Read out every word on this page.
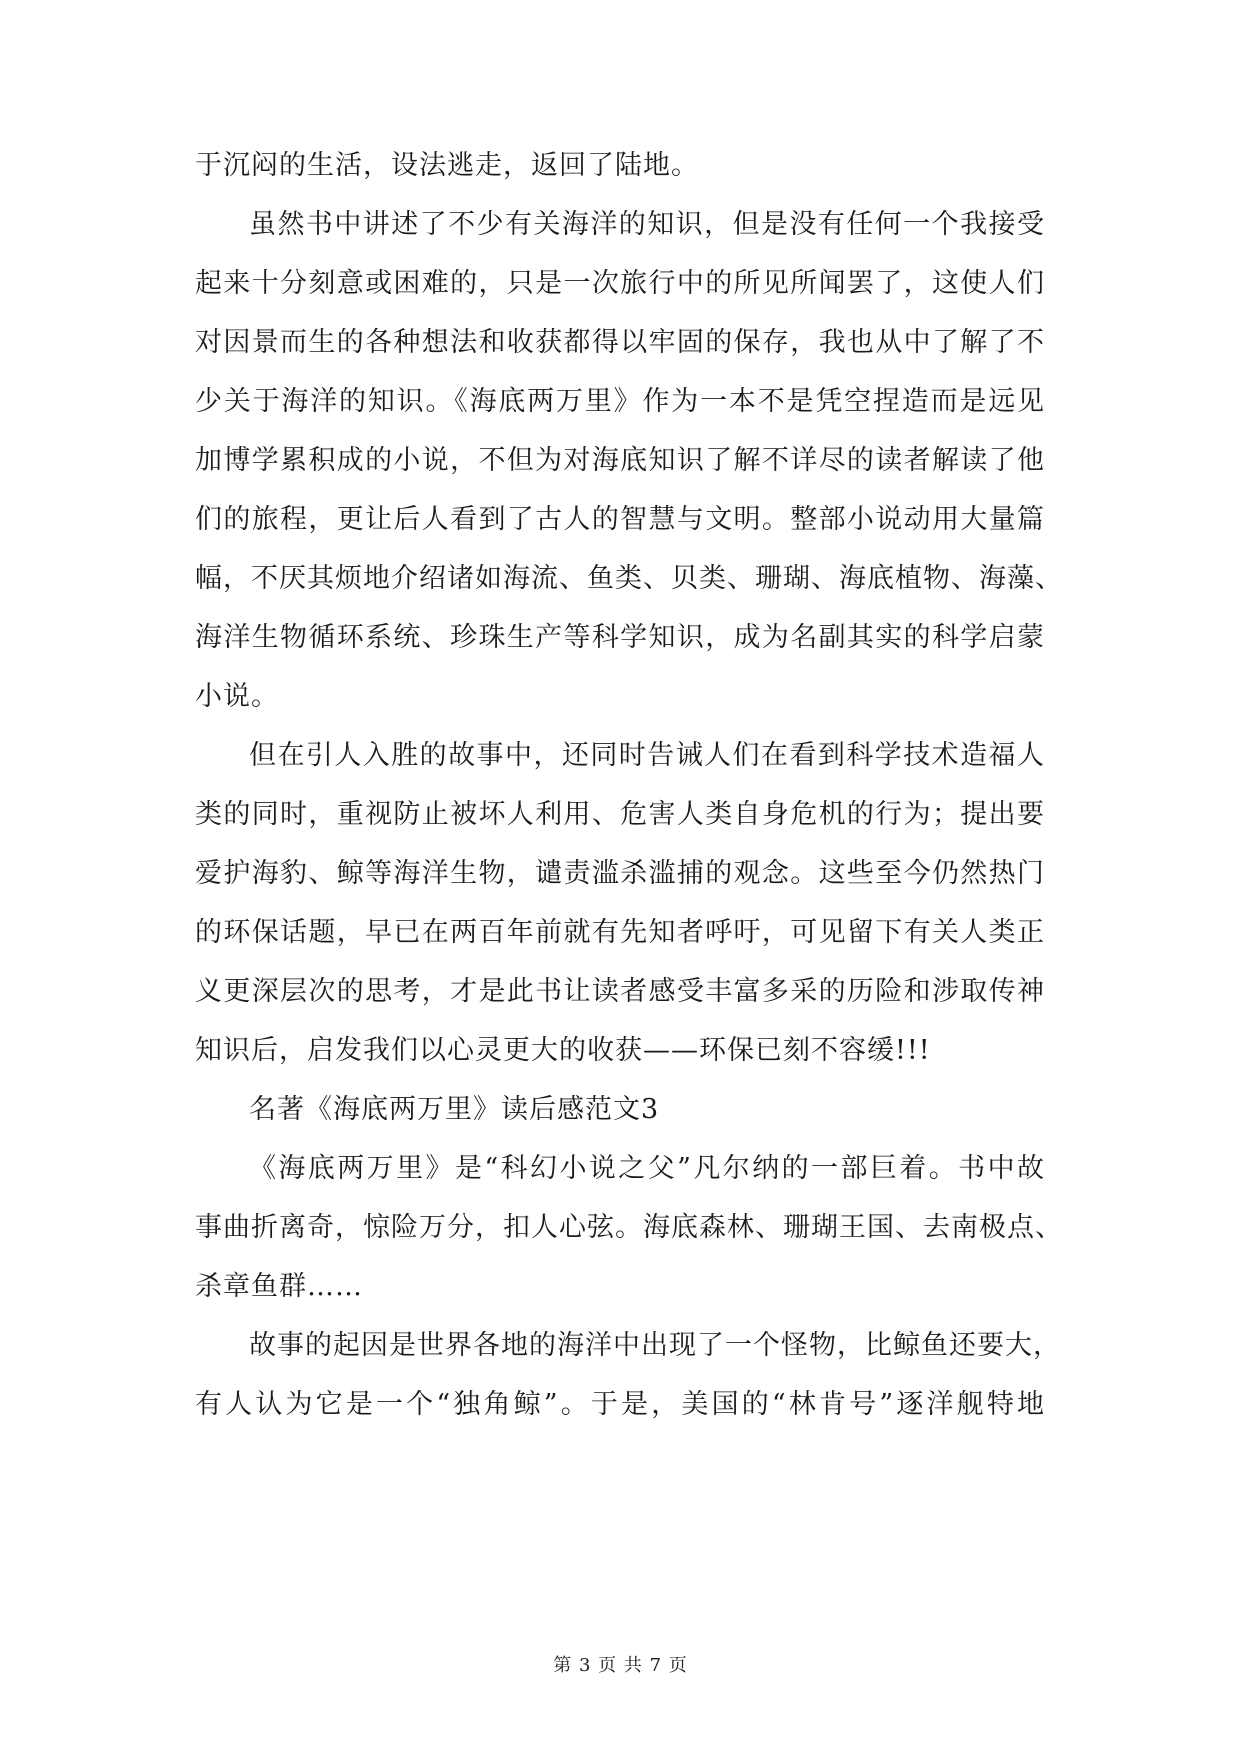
于沉闷的生活，设法逃走，返回了陆地。
虽然书中讲述了不少有关海洋的知识，但是没有任何一个我接受
起来十分刻意或困难的，只是一次旅行中的所见所闻罢了，这使人们
对因景而生的各种想法和收获都得以牢固的保存，我也从中了解了不
少关于海洋的知识。《海底两万里》作为一本不是凭空捏造而是远见
加博学累积成的小说，不但为对海底知识了解不详尽的读者解读了他
们的旅程，更让后人看到了古人的智慧与文明。整部小说动用大量篇
幅，不厌其烦地介绍诸如海流、鱼类、贝类、珊瑚、海底植物、海藻、
海洋生物循环系统、珍珠生产等科学知识，成为名副其实的科学启蒙
小说。
但在引人入胜的故事中，还同时告诫人们在看到科学技术造福人
类的同时，重视防止被坏人利用、危害人类自身危机的行为；提出要
爱护海豹、鲸等海洋生物，谴责滥杀滥捕的观念。这些至今仍然热门
的环保话题，早已在两百年前就有先知者呼吁，可见留下有关人类正
义更深层次的思考，才是此书让读者感受丰富多采的历险和涉取传神
知识后，启发我们以心灵更大的收获——环保已刻不容缓!!!
名著《海底两万里》读后感范文3
《海底两万里》是“科幻小说之父”凡尔纳的一部巨着。书中故
事曲折离奇，惊险万分，扣人心弦。海底森林、珊瑚王国、去南极点、
杀章鱼群……
故事的起因是世界各地的海洋中出现了一个怪物，比鲸鱼还要大，
有人认为它是一个“独角鲸”。于是，美国的“林肯号”逐洋舰特地
第 3 页 共 7 页
